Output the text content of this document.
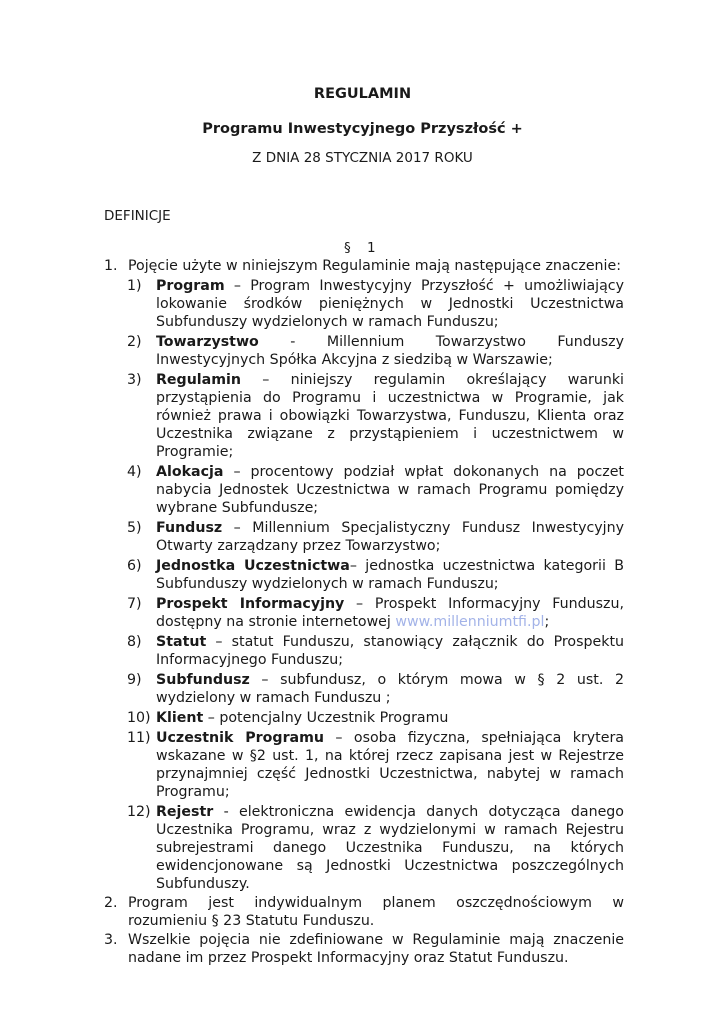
REGULAMIN
Programu Inwestycyjnego Przyszłość +
Z DNIA 28 STYCZNIA 2017 ROKU
DEFINICJE
§ 1
1. Pojęcie użyte w niniejszym Regulaminie mają następujące znaczenie:
1) Program – Program Inwestycyjny Przyszłość + umożliwiający lokowanie środków pieniężnych w Jednostki Uczestnictwa Subfunduszy wydzielonych w ramach Funduszu;
2) Towarzystwo - Millennium Towarzystwo Funduszy Inwestycyjnych Spółka Akcyjna z siedzibą w Warszawie;
3) Regulamin – niniejszy regulamin określający warunki przystąpienia do Programu i uczestnictwa w Programie, jak również prawa i obowiązki Towarzystwa, Funduszu, Klienta oraz Uczestnika związane z przystąpieniem i uczestnictwem w Programie;
4) Alokacja – procentowy podział wpłat dokonanych na poczet nabycia Jednostek Uczestnictwa w ramach Programu pomiędzy wybrane Subfundusze;
5) Fundusz – Millennium Specjalistyczny Fundusz Inwestycyjny Otwarty zarządzany przez Towarzystwo;
6) Jednostka Uczestnictwa– jednostka uczestnictwa kategorii B Subfunduszy wydzielonych w ramach Funduszu;
7) Prospekt Informacyjny – Prospekt Informacyjny Funduszu, dostępny na stronie internetowej www.millenniumtfi.pl;
8) Statut – statut Funduszu, stanowiący załącznik do Prospektu Informacyjnego Funduszu;
9) Subfundusz – subfundusz, o którym mowa w § 2 ust. 2 wydzielony w ramach Funduszu ;
10) Klient – potencjalny Uczestnik Programu
11) Uczestnik Programu – osoba fizyczna, spełniająca krytera wskazane w §2 ust. 1, na której rzecz zapisana jest w Rejestrze przynajmniej część Jednostki Uczestnictwa, nabytej w ramach Programu;
12) Rejestr - elektroniczna ewidencja danych dotycząca danego Uczestnika Programu, wraz z wydzielonymi w ramach Rejestru subrejestrami danego Uczestnika Funduszu, na których ewidencjonowane są Jednostki Uczestnictwa poszczególnych Subfunduszy.
2. Program jest indywidualnym planem oszczędnościowym w rozumieniu § 23 Statutu Funduszu.
3. Wszelkie pojęcia nie zdefiniowane w Regulaminie mają znaczenie nadane im przez Prospekt Informacyjny oraz Statut Funduszu.
